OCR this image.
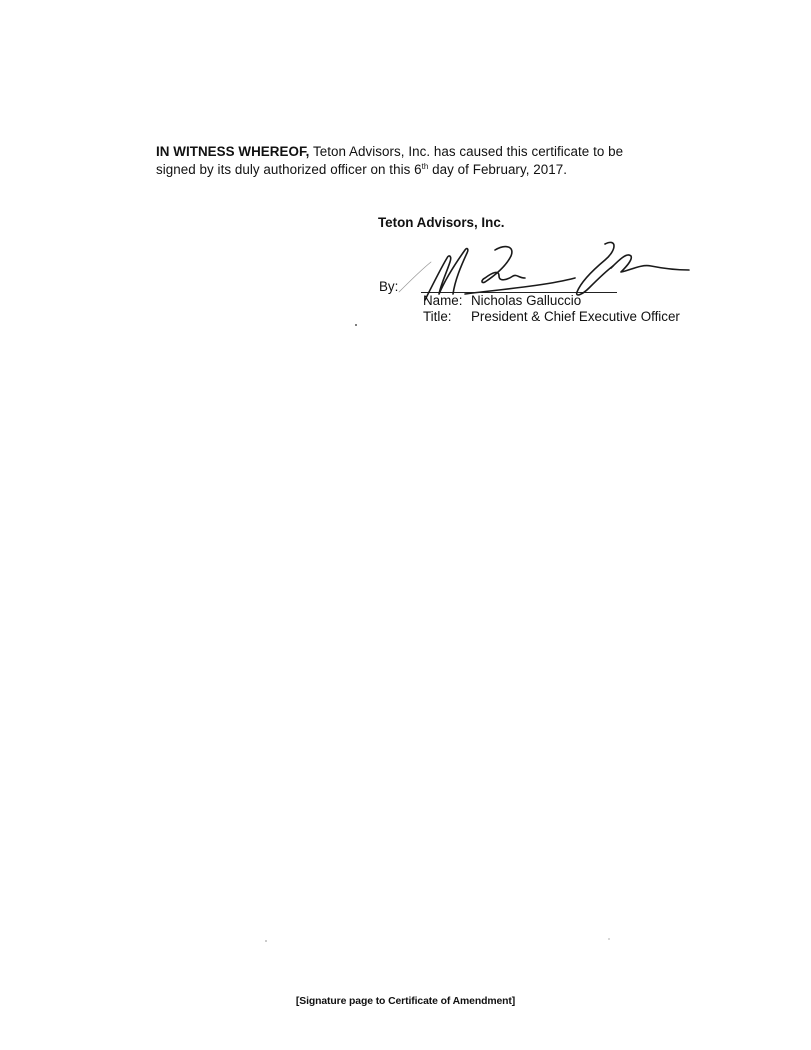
IN WITNESS WHEREOF, Teton Advisors, Inc. has caused this certificate to be
signed by its duly authorized officer on this 6th day of February, 2017.
Teton Advisors, Inc.
By:
Name: Nicholas Galluccio
Title:	President & Chief Executive Officer
[Signature page to Certificate of Amendment]
